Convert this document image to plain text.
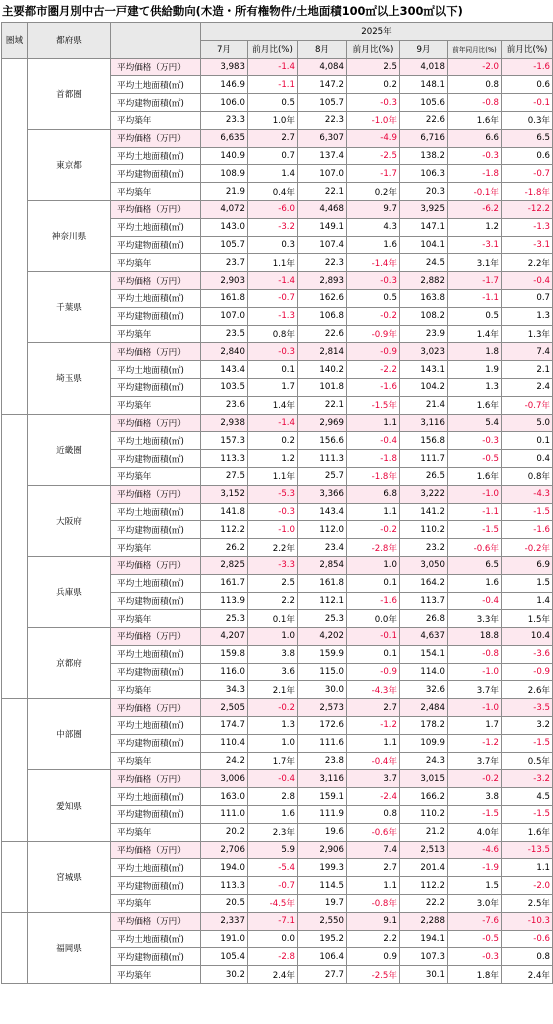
主要都市圏月別中古一戸建て供給動向(木造・所有権物件/土地面積100㎡以上300㎡以下)
圏域	都府県		2025年						
			7月	前月比(%)	8月	前月比(%)	9月	前年同月比(%)	前月比(%)
	首都圏	平均価格（万円）	3,983	-1.4	4,084	2.5	4,018	-2.0	-1.6
		平均土地面積(㎡)	146.9	-1.1	147.2	0.2	148.1	0.8	0.6
		平均建物面積(㎡)	106.0	0.5	105.7	-0.3	105.6	-0.8	-0.1
		平均築年	23.3	1.0年	22.3	-1.0年	22.6	1.6年	0.3年
	東京都	平均価格（万円）	6,635	2.7	6,307	-4.9	6,716	6.6	6.5
		平均土地面積(㎡)	140.9	0.7	137.4	-2.5	138.2	-0.3	0.6
		平均建物面積(㎡)	108.9	1.4	107.0	-1.7	106.3	-1.8	-0.7
		平均築年	21.9	0.4年	22.1	0.2年	20.3	-0.1年	-1.8年
	神奈川県	平均価格（万円）	4,072	-6.0	4,468	9.7	3,925	-6.2	-12.2
		平均土地面積(㎡)	143.0	-3.2	149.1	4.3	147.1	1.2	-1.3
		平均建物面積(㎡)	105.7	0.3	107.4	1.6	104.1	-3.1	-3.1
		平均築年	23.7	1.1年	22.3	-1.4年	24.5	3.1年	2.2年
	千葉県	平均価格（万円）	2,903	-1.4	2,893	-0.3	2,882	-1.7	-0.4
		平均土地面積(㎡)	161.8	-0.7	162.6	0.5	163.8	-1.1	0.7
		平均建物面積(㎡)	107.0	-1.3	106.8	-0.2	108.2	0.5	1.3
		平均築年	23.5	0.8年	22.6	-0.9年	23.9	1.4年	1.3年
	埼玉県	平均価格（万円）	2,840	-0.3	2,814	-0.9	3,023	1.8	7.4
		平均土地面積(㎡)	143.4	0.1	140.2	-2.2	143.1	1.9	2.1
		平均建物面積(㎡)	103.5	1.7	101.8	-1.6	104.2	1.3	2.4
		平均築年	23.6	1.4年	22.1	-1.5年	21.4	1.6年	-0.7年
	近畿圏	平均価格（万円）	2,938	-1.4	2,969	1.1	3,116	5.4	5.0
		平均土地面積(㎡)	157.3	0.2	156.6	-0.4	156.8	-0.3	0.1
		平均建物面積(㎡)	113.3	1.2	111.3	-1.8	111.7	-0.5	0.4
		平均築年	27.5	1.1年	25.7	-1.8年	26.5	1.6年	0.8年
	大阪府	平均価格（万円）	3,152	-5.3	3,366	6.8	3,222	-1.0	-4.3
		平均土地面積(㎡)	141.8	-0.3	143.4	1.1	141.2	-1.1	-1.5
		平均建物面積(㎡)	112.2	-1.0	112.0	-0.2	110.2	-1.5	-1.6
		平均築年	26.2	2.2年	23.4	-2.8年	23.2	-0.6年	-0.2年
	兵庫県	平均価格（万円）	2,825	-3.3	2,854	1.0	3,050	6.5	6.9
		平均土地面積(㎡)	161.7	2.5	161.8	0.1	164.2	1.6	1.5
		平均建物面積(㎡)	113.9	2.2	112.1	-1.6	113.7	-0.4	1.4
		平均築年	25.3	0.1年	25.3	0.0年	26.8	3.3年	1.5年
	京都府	平均価格（万円）	4,207	1.0	4,202	-0.1	4,637	18.8	10.4
		平均土地面積(㎡)	159.8	3.8	159.9	0.1	154.1	-0.8	-3.6
		平均建物面積(㎡)	116.0	3.6	115.0	-0.9	114.0	-1.0	-0.9
		平均築年	34.3	2.1年	30.0	-4.3年	32.6	3.7年	2.6年
	中部圏	平均価格（万円）	2,505	-0.2	2,573	2.7	2,484	-1.0	-3.5
		平均土地面積(㎡)	174.7	1.3	172.6	-1.2	178.2	1.7	3.2
		平均建物面積(㎡)	110.4	1.0	111.6	1.1	109.9	-1.2	-1.5
		平均築年	24.2	1.7年	23.8	-0.4年	24.3	3.7年	0.5年
	愛知県	平均価格（万円）	3,006	-0.4	3,116	3.7	3,015	-0.2	-3.2
		平均土地面積(㎡)	163.0	2.8	159.1	-2.4	166.2	3.8	4.5
		平均建物面積(㎡)	111.0	1.6	111.9	0.8	110.2	-1.5	-1.5
		平均築年	20.2	2.3年	19.6	-0.6年	21.2	4.0年	1.6年
	宮城県	平均価格（万円）	2,706	5.9	2,906	7.4	2,513	-4.6	-13.5
		平均土地面積(㎡)	194.0	-5.4	199.3	2.7	201.4	-1.9	1.1
		平均建物面積(㎡)	113.3	-0.7	114.5	1.1	112.2	1.5	-2.0
		平均築年	20.5	-4.5年	19.7	-0.8年	22.2	3.0年	2.5年
	福岡県	平均価格（万円）	2,337	-7.1	2,550	9.1	2,288	-7.6	-10.3
		平均土地面積(㎡)	191.0	0.0	195.2	2.2	194.1	-0.5	-0.6
		平均建物面積(㎡)	105.4	-2.8	106.4	0.9	107.3	-0.3	0.8
		平均築年	30.2	2.4年	27.7	-2.5年	30.1	1.8年	2.4年
